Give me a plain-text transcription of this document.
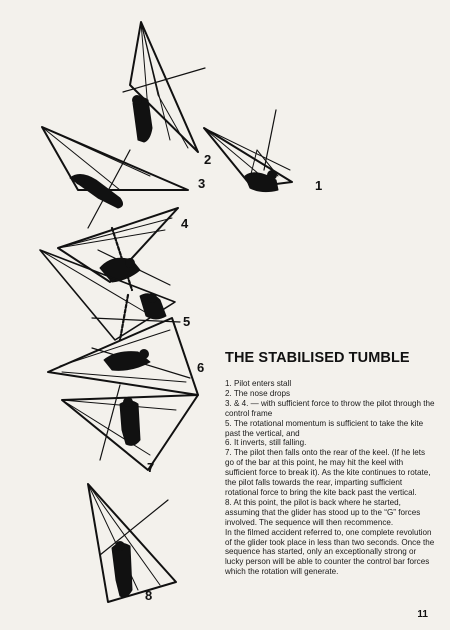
1
2
3
4
5
6
7
8
THE STABILISED TUMBLE

1. Pilot enters stall

2. The nose drops

3. & 4. — with sufficient force to throw the pilot through the control frame

5. The rotational momentum is sufficient to take the kite past the vertical, and

6. It inverts, still falling.

7. The pilot then falls onto the rear of the keel. (If he lets go of the bar at this point, he may hit the keel with sufficient force to break it). As the kite continues to rotate, the pilot falls towards the rear, imparting sufficient rotational force to bring the kite back past the vertical.

8. At this point, the pilot is back where he started, assuming that the glider has stood up to the “G” forces involved. The sequence will then recommence.

In the filmed accident referred to, one complete revolution of the glider took place in less than two seconds. Once the sequence has started, only an exceptionally strong or lucky person will be able to counter the control bar forces which the rotation will generate.

11
